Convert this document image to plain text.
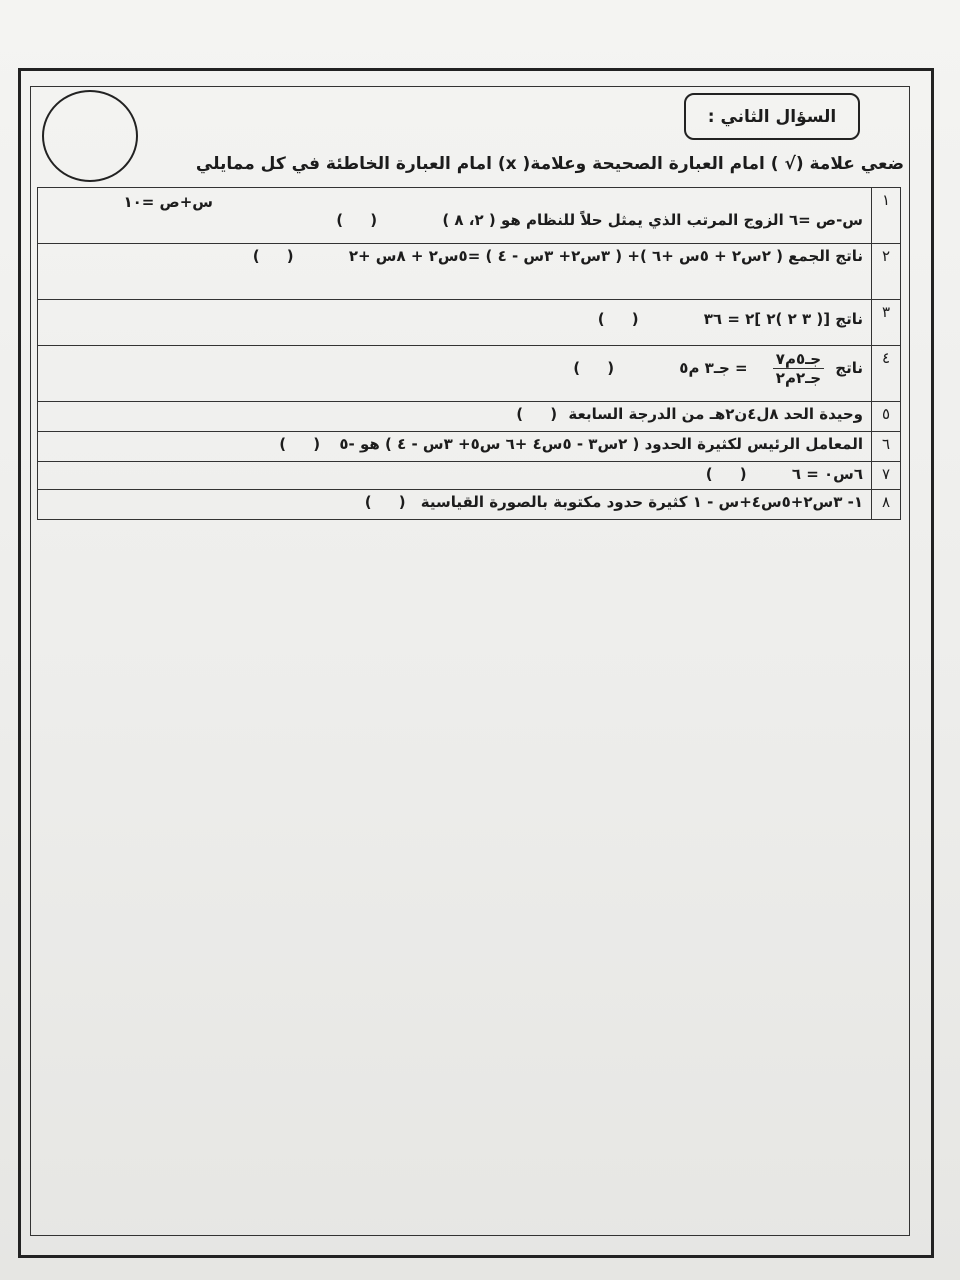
السؤال الثاني :
ضعي علامة (√ ) امام العبارة الصحيحة وعلامة( x) امام العبارة الخاطئة في كل ممايلي
١	س+ص =١٠
س-ص =٦ الزوج المرتب الذي يمثل حلاً للنظام هو ( ٢، ٨ ) ()
٢	ناتج الجمع ( ٢س٢ + ٥س +٦ )+ ( ٣س٢+ ٣س - ٤ ) =٥س٢ + ٨س +٢ ()
٣	ناتج [( ٣ ٢ )٢ ]٢ = ٣٦ ()
٤	ناتج
$\frac{\text{جـ٥م٧}}{\text{جـ٢م٢}}$
= جـ٣ م٥ ()
٥	وحيدة الحد ٨ل٤ن٢هـ من الدرجة السابعة ()
٦	المعامل الرئيس لكثيرة الحدود ( ٢س٣ - ٥س٤ +٦ س٥+ ٣س - ٤ ) هو -٥ ()
٧	٦س٠ = ٦ ()
٨	١- ٣س٢+٥س٤+س - ١ كثيرة حدود مكتوبة بالصورة القياسية ()
